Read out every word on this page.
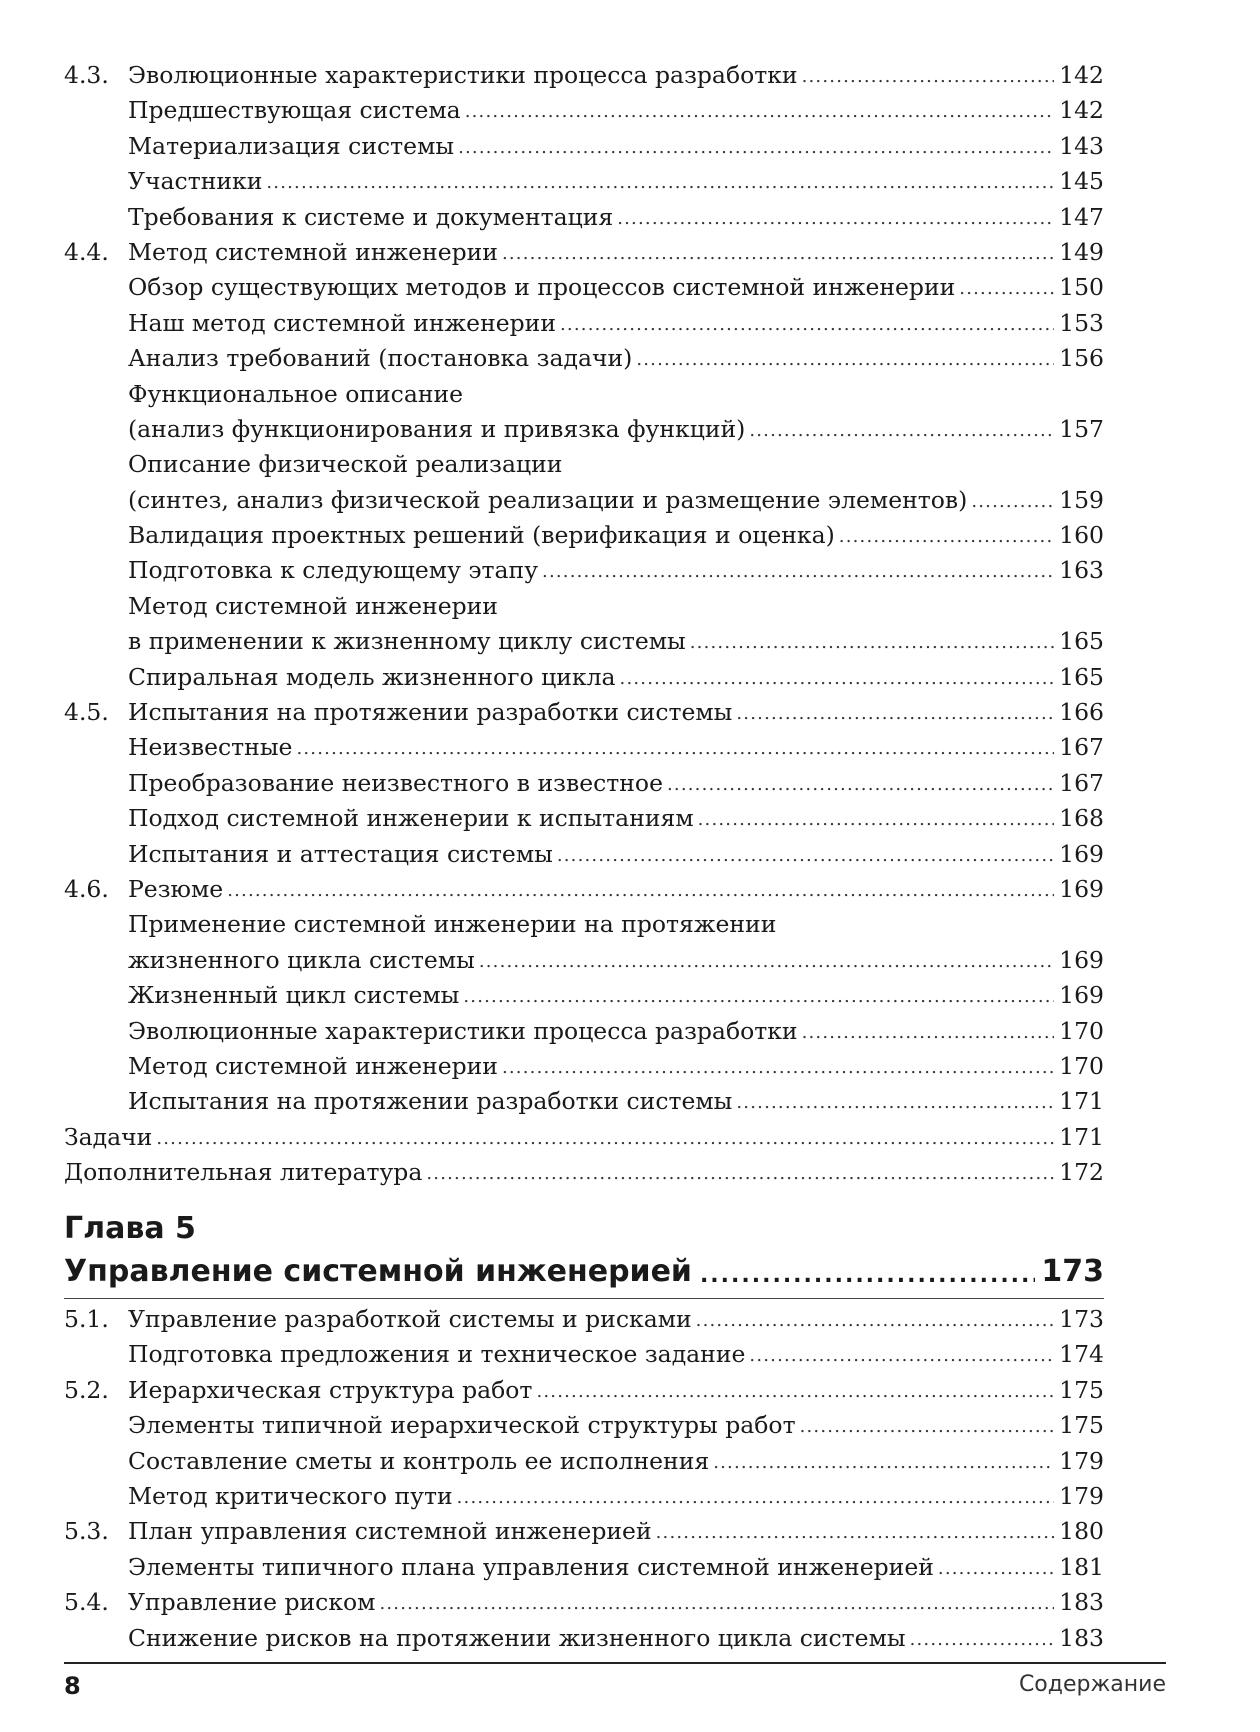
4.3. Эволюционные характеристики процесса разработки .....	142
Предшествующая система .....	142
Материализация системы .....	143
Участники .....	145
Требования к системе и документация .....	147
4.4. Метод системной инженерии .....	149
Обзор существующих методов и процессов системной инженерии .....	150
Наш метод системной инженерии .....	153
Анализ требований (постановка задачи) .....	156
Функциональное описание
(анализ функционирования и привязка функций) .....	157
Описание физической реализации
(синтез, анализ физической реализации и размещение элементов) .....	159
Валидация проектных решений (верификация и оценка) .....	160
Подготовка к следующему этапу .....	163
Метод системной инженерии
в применении к жизненному циклу системы .....	165
Спиральная модель жизненного цикла .....	165
4.5. Испытания на протяжении разработки системы .....	166
Неизвестные .....	167
Преобразование неизвестного в известное .....	167
Подход системной инженерии к испытаниям .....	168
Испытания и аттестация системы .....	169
4.6. Резюме .....	169
Применение системной инженерии на протяжении
жизненного цикла системы .....	169
Жизненный цикл системы .....	169
Эволюционные характеристики процесса разработки .....	170
Метод системной инженерии .....	170
Испытания на протяжении разработки системы .....	171
Задачи .....	171
Дополнительная литература .....	172
Глава 5
Управление системной инженерией .....	173
5.1. Управление разработкой системы и рисками .....	173
Подготовка предложения и техническое задание .....	174
5.2. Иерархическая структура работ .....	175
Элементы типичной иерархической структуры работ .....	175
Составление сметы и контроль ее исполнения .....	179
Метод критического пути .....	179
5.3. План управления системной инженерией .....	180
Элементы типичного плана управления системной инженерией .....	181
5.4. Управление риском .....	183
Снижение рисков на протяжении жизненного цикла системы .....	183
8	Содержание
